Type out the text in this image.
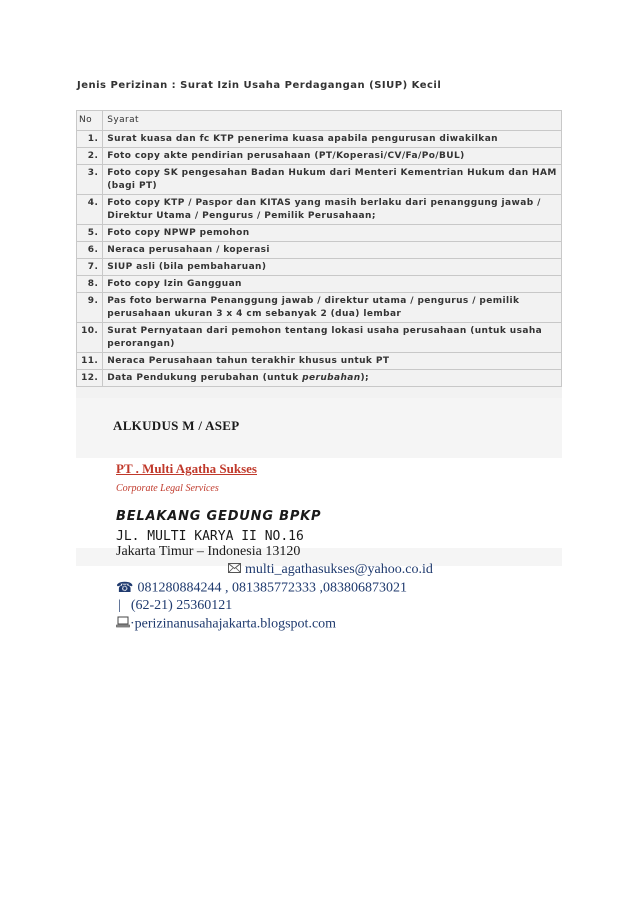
Jenis Perizinan : Surat Izin Usaha Perdagangan (SIUP) Kecil
No	Syarat
1.	Surat kuasa dan fc KTP penerima kuasa apabila pengurusan diwakilkan
2.	Foto copy akte pendirian perusahaan (PT/Koperasi/CV/Fa/Po/BUL)
3.	Foto copy SK pengesahan Badan Hukum dari Menteri Kementrian Hukum dan HAM (bagi PT)
4.	Foto copy KTP / Paspor dan KITAS yang masih berlaku dari penanggung jawab / Direktur Utama / Pengurus / Pemilik Perusahaan;
5.	Foto copy NPWP pemohon
6.	Neraca perusahaan / koperasi
7.	SIUP asli (bila pembaharuan)
8.	Foto copy Izin Gangguan
9.	Pas foto berwarna Penanggung jawab / direktur utama / pengurus / pemilik perusahaan ukuran 3 x 4 cm sebanyak 2 (dua) lembar
10.	Surat Pernyataan dari pemohon tentang lokasi usaha perusahaan (untuk usaha perorangan)
11.	Neraca Perusahaan tahun terakhir khusus untuk PT
12.	Data Pendukung perubahan (untuk perubahan);
ALKUDUS M / ASEP
PT . Multi Agatha Sukses
Corporate Legal Services
BELAKANG GEDUNG BPKP
JL. MULTI KARYA II NO.16
Jakarta Timur – Indonesia 13120
multi_agathasukses@yahoo.co.id
☎ 081280884244 , 081385772333 ,083806873021
| (62-21) 25360121
·perizinanusahajakarta.blogspot.com
